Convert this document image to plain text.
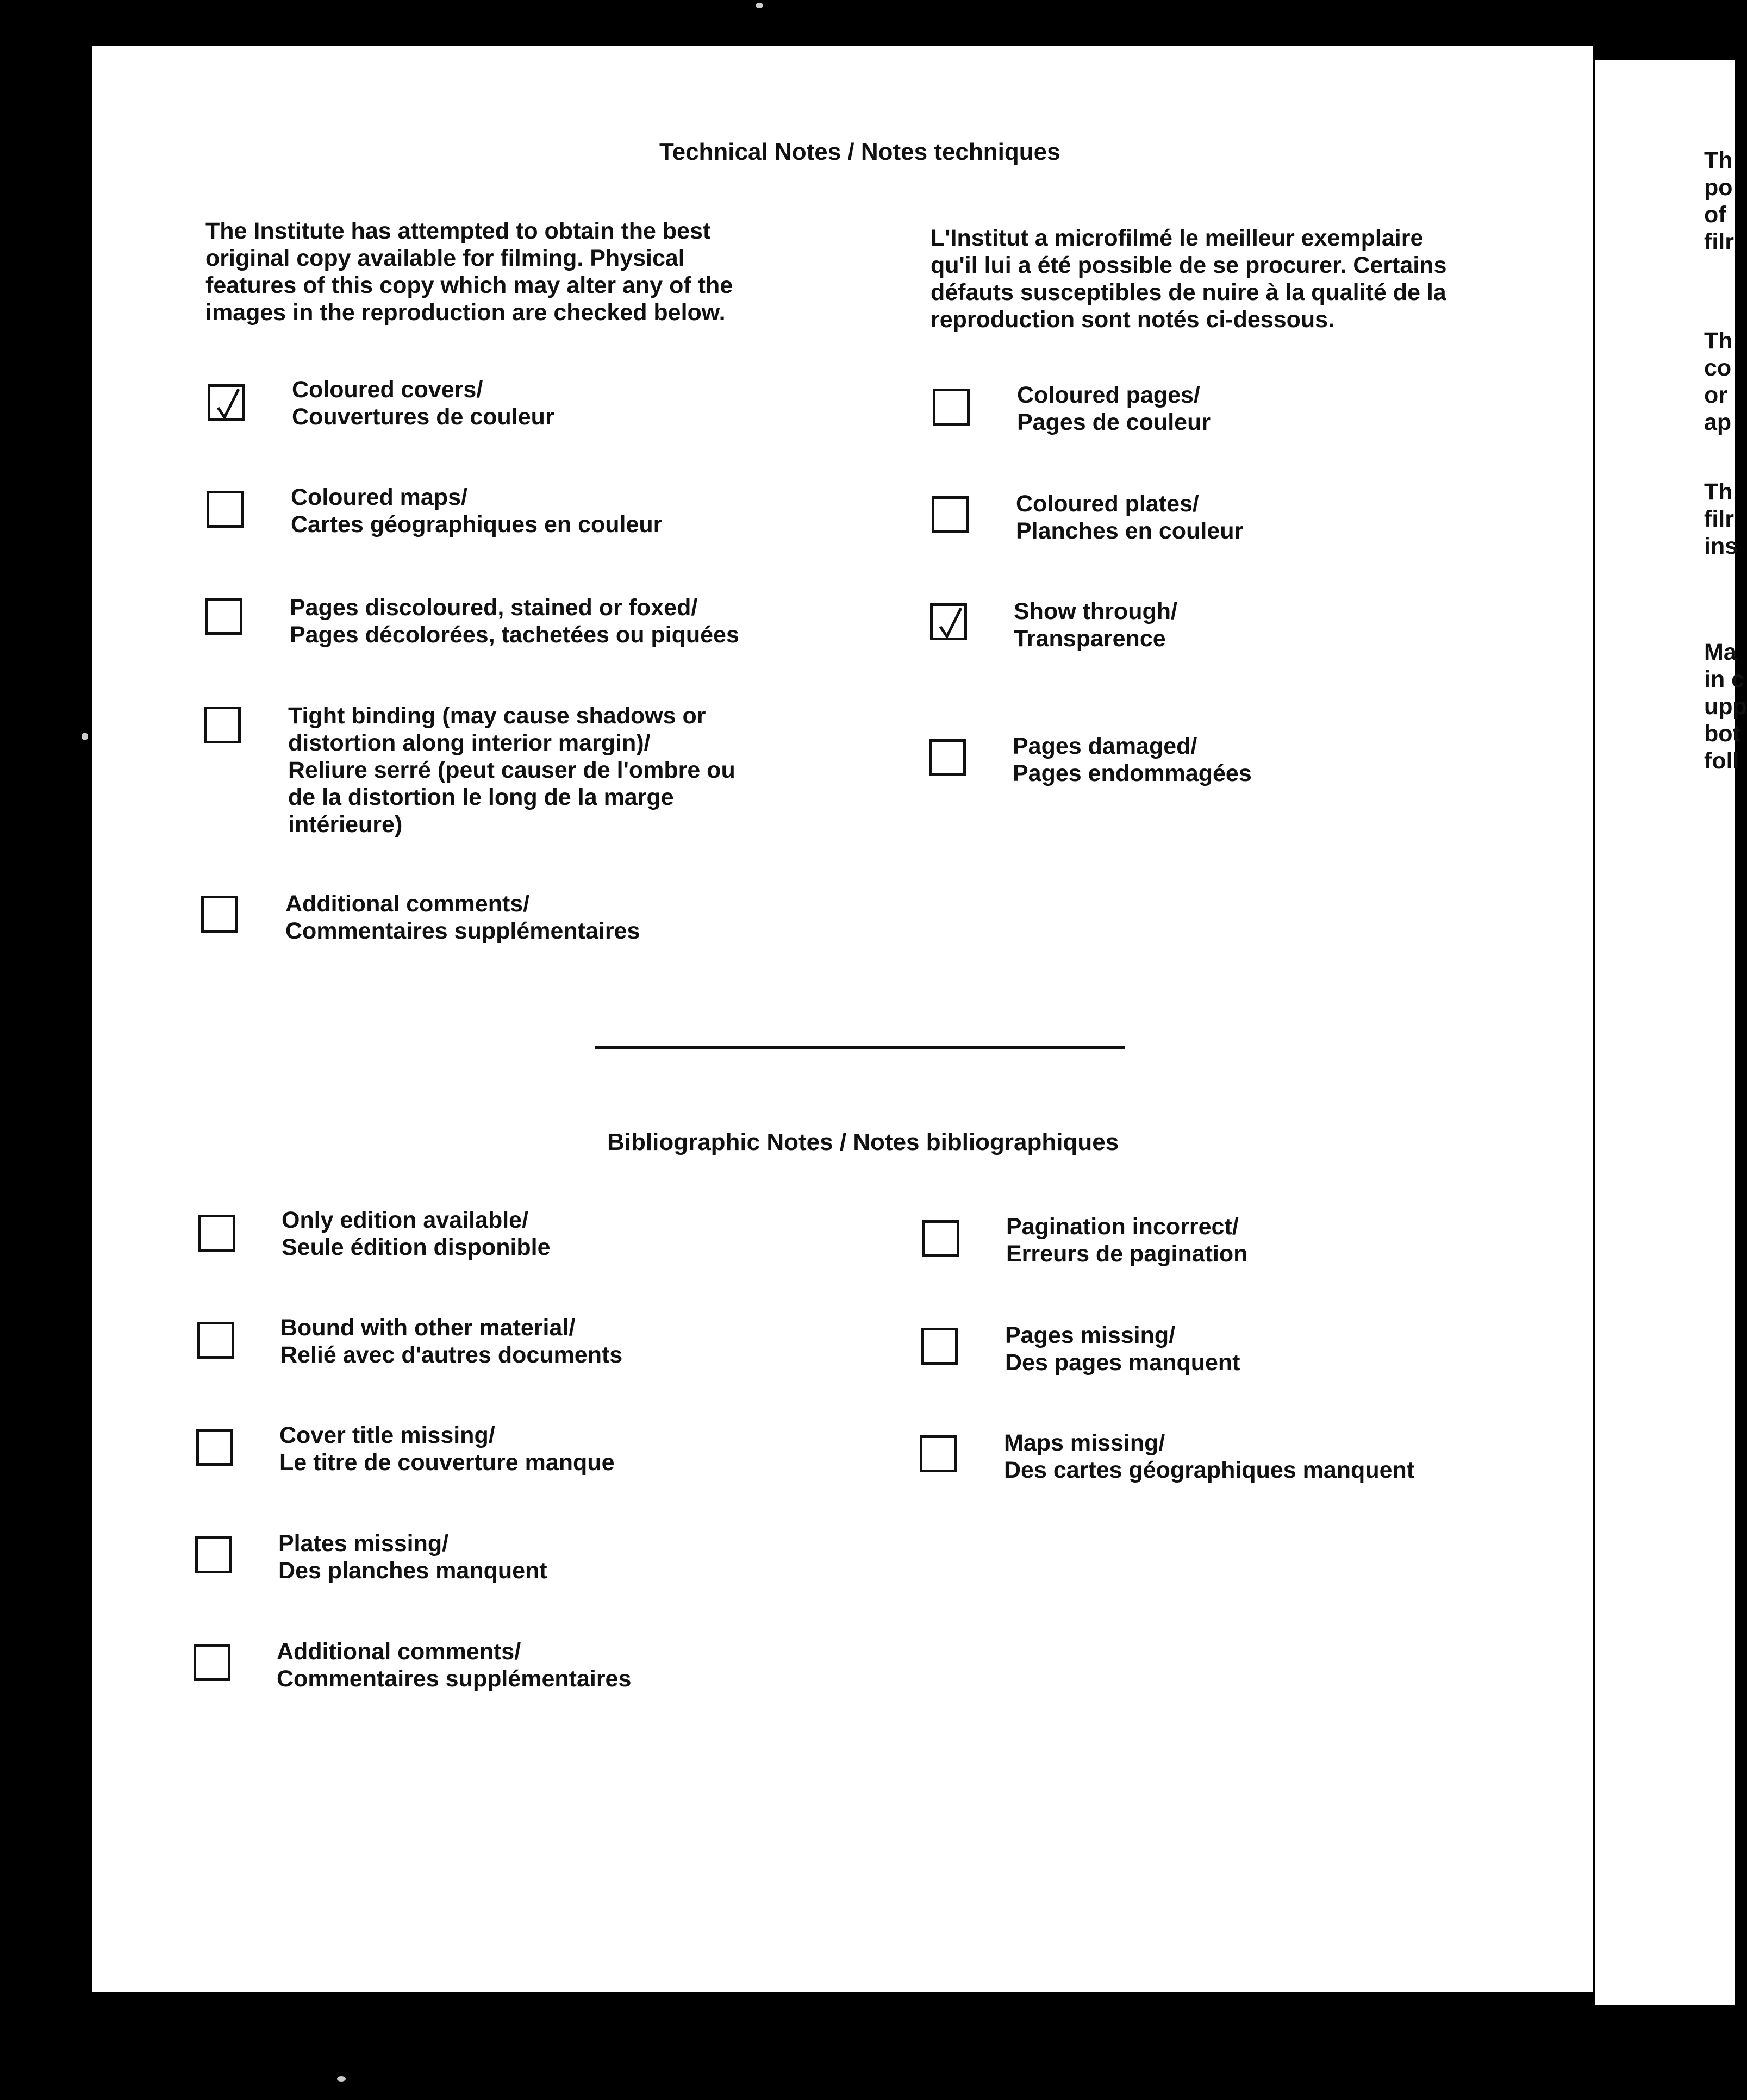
Technical Notes / Notes techniques
The Institute has attempted to obtain the best
original copy available for filming. Physical
features of this copy which may alter any of the
images in the reproduction are checked below.
L'Institut a microfilmé le meilleur exemplaire
qu'il lui a été possible de se procurer. Certains
défauts susceptibles de nuire à la qualité de la
reproduction sont notés ci-dessous.
Coloured covers/
Couvertures de couleur
Coloured maps/
Cartes géographiques en couleur
Pages discoloured, stained or foxed/
Pages décolorées, tachetées ou piquées
Tight binding (may cause shadows or
distortion along interior margin)/
Reliure serré (peut causer de l'ombre ou
de la distortion le long de la marge
intérieure)
Additional comments/
Commentaires supplémentaires
Coloured pages/
Pages de couleur
Coloured plates/
Planches en couleur
Show through/
Transparence
Pages damaged/
Pages endommagées
Bibliographic Notes / Notes bibliographiques
Only edition available/
Seule édition disponible
Bound with other material/
Relié avec d'autres documents
Cover title missing/
Le titre de couverture manque
Plates missing/
Des planches manquent
Additional comments/
Commentaires supplémentaires
Pagination incorrect/
Erreurs de pagination
Pages missing/
Des pages manquent
Maps missing/
Des cartes géographiques manquent
Th
po
of
filr
Th
co
or
ap
Th
filr
ins
Ma
in c
upp
bot
foll
